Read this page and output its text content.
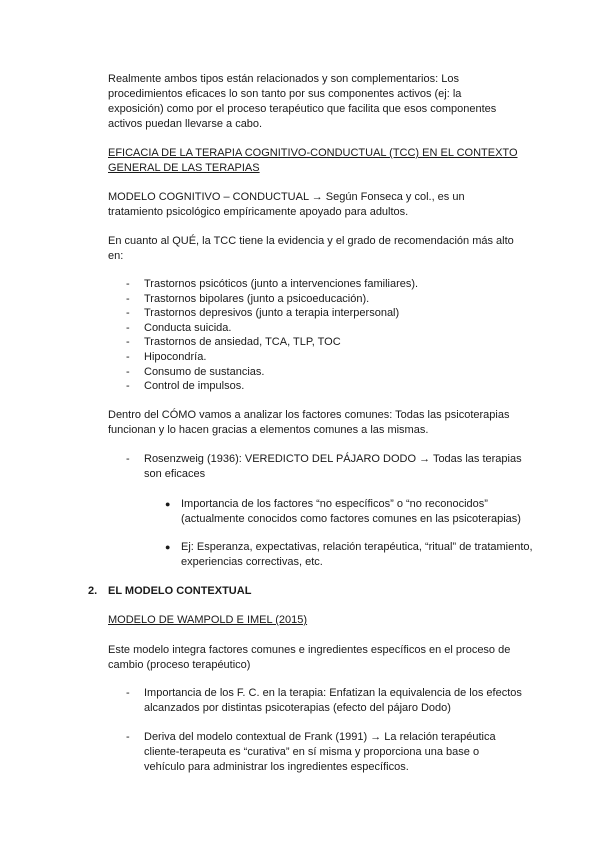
Realmente ambos tipos están relacionados y son complementarios: Los procedimientos eficaces lo son tanto por sus componentes activos (ej: la exposición) como por el proceso terapéutico que facilita que esos componentes activos puedan llevarse a cabo.

EFICACIA DE LA TERAPIA COGNITIVO-CONDUCTUAL (TCC) EN EL CONTEXTO GENERAL DE LAS TERAPIAS

MODELO COGNITIVO – CONDUCTUAL → Según Fonseca y col., es un tratamiento psicológico empíricamente apoyado para adultos.

En cuanto al QUÉ, la TCC tiene la evidencia y el grado de recomendación más alto en:

- Trastornos psicóticos (junto a intervenciones familiares).
- Trastornos bipolares (junto a psicoeducación).
- Trastornos depresivos (junto a terapia interpersonal)
- Conducta suicida.
- Trastornos de ansiedad, TCA, TLP, TOC
- Hipocondría.
- Consumo de sustancias.
- Control de impulsos.

Dentro del CÓMO vamos a analizar los factores comunes: Todas las psicoterapias funcionan y lo hacen gracias a elementos comunes a las mismas.

- Rosenzweig (1936): VEREDICTO DEL PÁJARO DODO → Todas las terapias son eficaces

● Importancia de los factores “no específicos” o “no reconocidos” (actualmente conocidos como factores comunes en las psicoterapias)

● Ej: Esperanza, expectativas, relación terapéutica, “ritual” de tratamiento, experiencias correctivas, etc.

2. EL MODELO CONTEXTUAL

MODELO DE WAMPOLD E IMEL (2015)

Este modelo integra factores comunes e ingredientes específicos en el proceso de cambio (proceso terapéutico)

- Importancia de los F. C. en la terapia: Enfatizan la equivalencia de los efectos alcanzados por distintas psicoterapias (efecto del pájaro Dodo)
- Deriva del modelo contextual de Frank (1991) → La relación terapéutica cliente-terapeuta es “curativa” en sí misma y proporciona una base o vehículo para administrar los ingredientes específicos.
